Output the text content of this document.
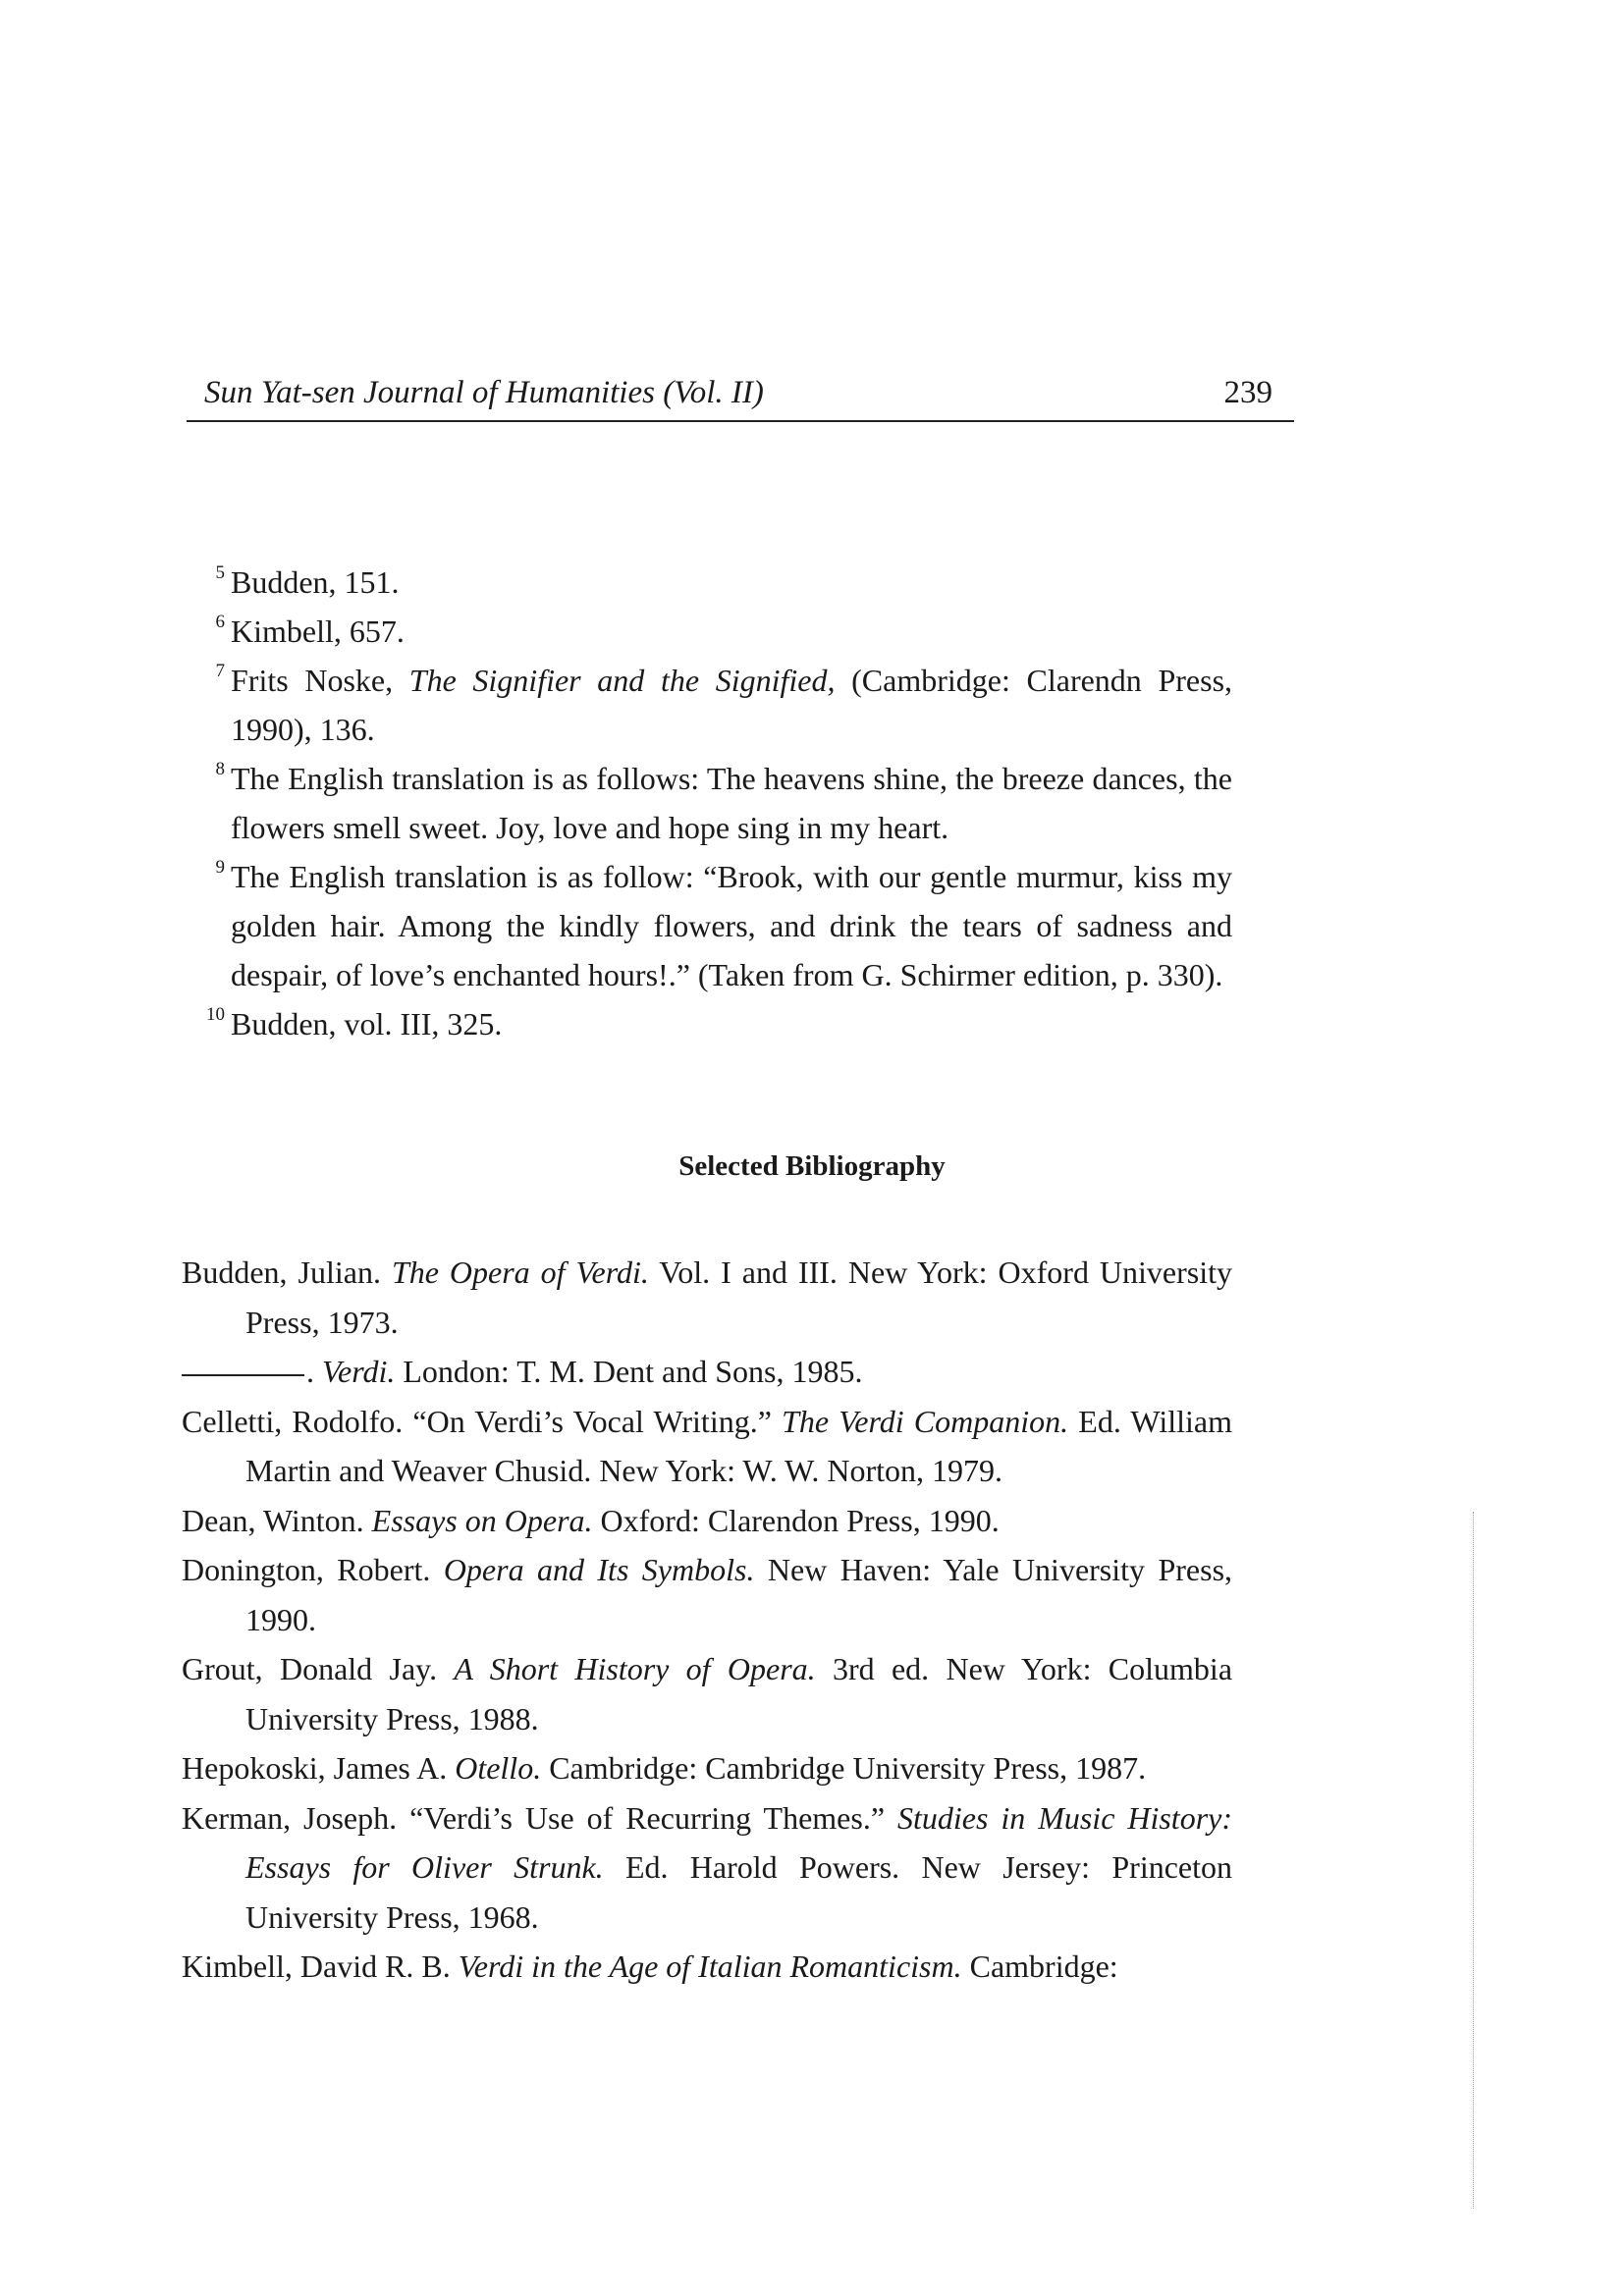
Sun Yat-sen Journal of Humanities (Vol. II)	239
5 Budden, 151.
6 Kimbell, 657.
7 Frits Noske, The Signifier and the Signified, (Cambridge: Clarendn Press, 1990), 136.
8 The English translation is as follows: The heavens shine, the breeze dances, the flowers smell sweet. Joy, love and hope sing in my heart.
9 The English translation is as follow: “Brook, with our gentle murmur, kiss my golden hair. Among the kindly flowers, and drink the tears of sadness and despair, of love’s enchanted hours!.” (Taken from G. Schirmer edition, p. 330).
10 Budden, vol. III, 325.
Selected Bibliography
Budden, Julian. The Opera of Verdi. Vol. I and III. New York: Oxford University Press, 1973.
. Verdi. London: T. M. Dent and Sons, 1985.
Celletti, Rodolfo. “On Verdi’s Vocal Writing.” The Verdi Companion. Ed. William Martin and Weaver Chusid. New York: W. W. Norton, 1979.
Dean, Winton. Essays on Opera. Oxford: Clarendon Press, 1990.
Donington, Robert. Opera and Its Symbols. New Haven: Yale University Press, 1990.
Grout, Donald Jay. A Short History of Opera. 3rd ed. New York: Columbia University Press, 1988.
Hepokoski, James A. Otello. Cambridge: Cambridge University Press, 1987.
Kerman, Joseph. “Verdi’s Use of Recurring Themes.” Studies in Music History: Essays for Oliver Strunk. Ed. Harold Powers. New Jersey: Princeton University Press, 1968.
Kimbell, David R. B. Verdi in the Age of Italian Romanticism. Cambridge:
